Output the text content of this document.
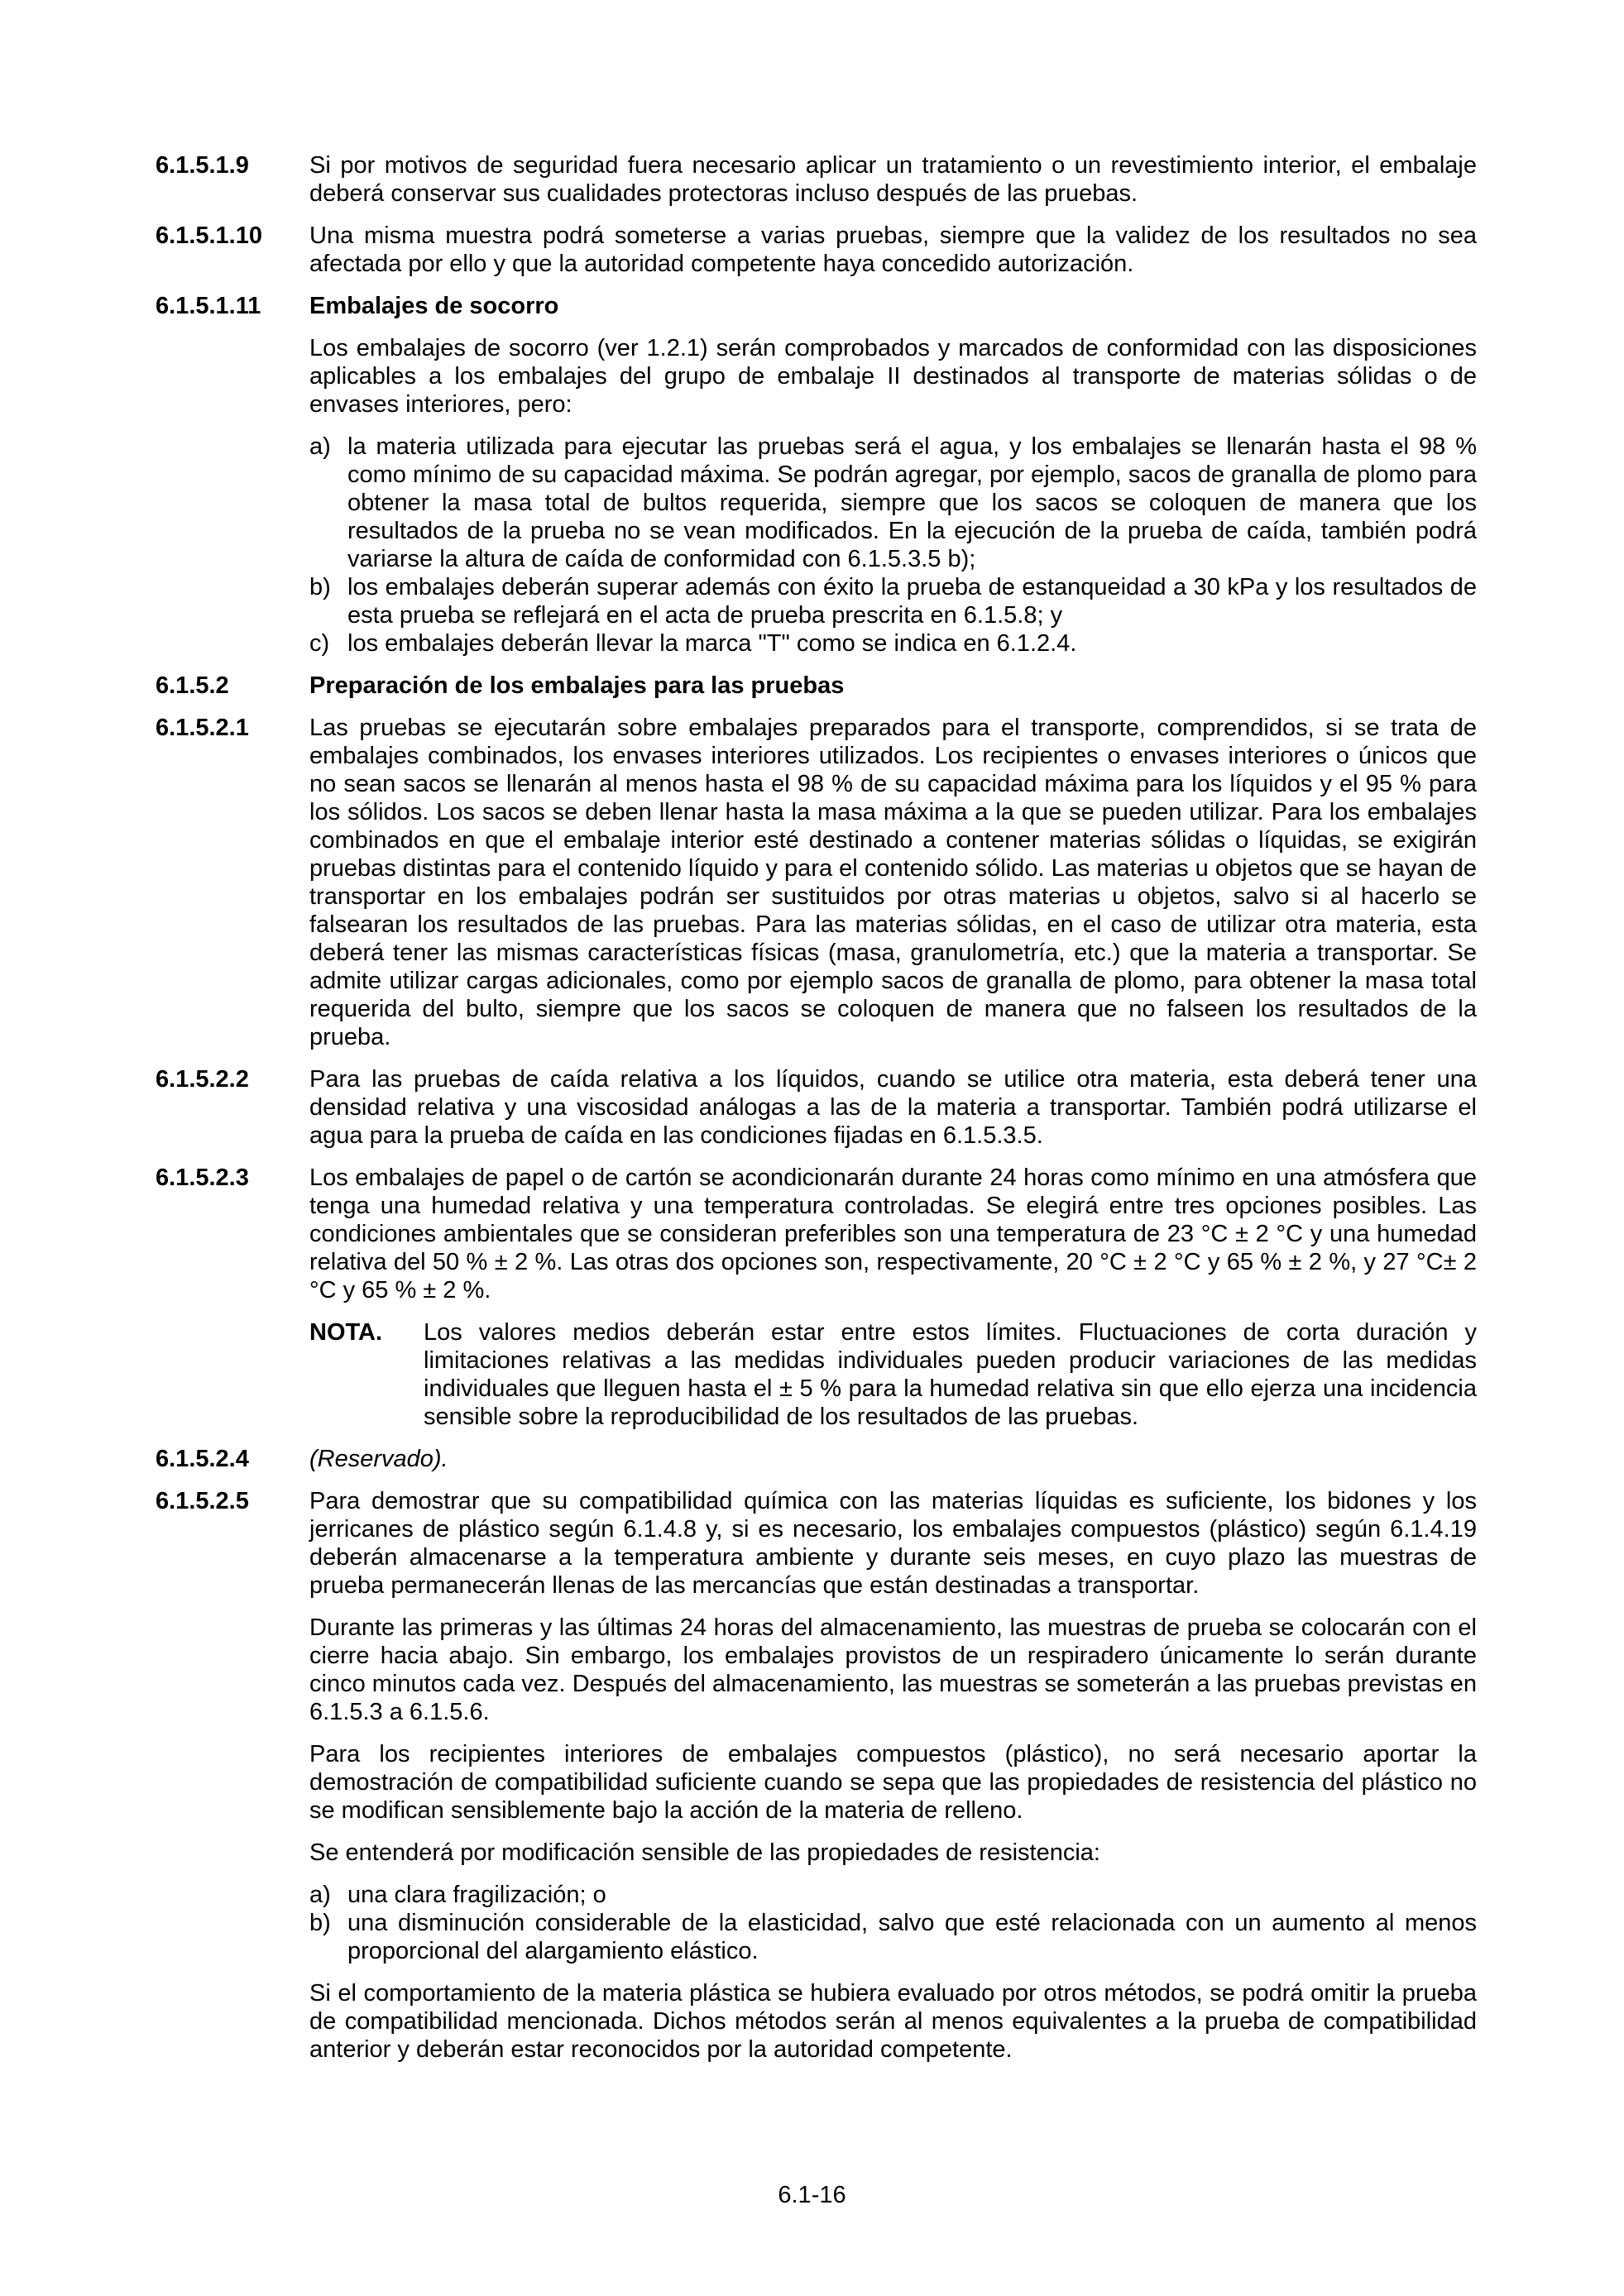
6.1.5.1.9	Si por motivos de seguridad fuera necesario aplicar un tratamiento o un revestimiento interior, el embalaje deberá conservar sus cualidades protectoras incluso después de las pruebas.

6.1.5.1.10	Una misma muestra podrá someterse a varias pruebas, siempre que la validez de los resultados no sea afectada por ello y que la autoridad competente haya concedido autorización.

6.1.5.1.11	Embalajes de socorro

Los embalajes de socorro (ver 1.2.1) serán comprobados y marcados de conformidad con las disposiciones aplicables a los embalajes del grupo de embalaje II destinados al transporte de materias sólidas o de envases interiores, pero:

a) la materia utilizada para ejecutar las pruebas será el agua, y los embalajes se llenarán hasta el 98 % como mínimo de su capacidad máxima. Se podrán agregar, por ejemplo, sacos de granalla de plomo para obtener la masa total de bultos requerida, siempre que los sacos se coloquen de manera que los resultados de la prueba no se vean modificados. En la ejecución de la prueba de caída, también podrá variarse la altura de caída de conformidad con 6.1.5.3.5 b);
b) los embalajes deberán superar además con éxito la prueba de estanqueidad a 30 kPa y los resultados de esta prueba se reflejará en el acta de prueba prescrita en 6.1.5.8; y
c) los embalajes deberán llevar la marca "T" como se indica en 6.1.2.4.
6.1.5.2	Preparación de los embalajes para las pruebas

6.1.5.2.1	Las pruebas se ejecutarán sobre embalajes preparados para el transporte, comprendidos, si se trata de embalajes combinados, los envases interiores utilizados. Los recipientes o envases interiores o únicos que no sean sacos se llenarán al menos hasta el 98 % de su capacidad máxima para los líquidos y el 95 % para los sólidos. Los sacos se deben llenar hasta la masa máxima a la que se pueden utilizar. Para los embalajes combinados en que el embalaje interior esté destinado a contener materias sólidas o líquidas, se exigirán pruebas distintas para el contenido líquido y para el contenido sólido. Las materias u objetos que se hayan de transportar en los embalajes podrán ser sustituidos por otras materias u objetos, salvo si al hacerlo se falsearan los resultados de las pruebas. Para las materias sólidas, en el caso de utilizar otra materia, esta deberá tener las mismas características físicas (masa, granulometría, etc.) que la materia a transportar. Se admite utilizar cargas adicionales, como por ejemplo sacos de granalla de plomo, para obtener la masa total requerida del bulto, siempre que los sacos se coloquen de manera que no falseen los resultados de la prueba.

6.1.5.2.2	Para las pruebas de caída relativa a los líquidos, cuando se utilice otra materia, esta deberá tener una densidad relativa y una viscosidad análogas a las de la materia a transportar. También podrá utilizarse el agua para la prueba de caída en las condiciones fijadas en 6.1.5.3.5.

6.1.5.2.3	Los embalajes de papel o de cartón se acondicionarán durante 24 horas como mínimo en una atmósfera que tenga una humedad relativa y una temperatura controladas. Se elegirá entre tres opciones posibles. Las condiciones ambientales que se consideran preferibles son una temperatura de 23 °C ± 2 °C y una humedad relativa del 50 % ± 2 %. Las otras dos opciones son, respectivamente, 20 °C ± 2 °C y 65 % ± 2 %, y 27 °C± 2 °C y 65 % ± 2 %.

NOTA.	Los valores medios deberán estar entre estos límites. Fluctuaciones de corta duración y limitaciones relativas a las medidas individuales pueden producir variaciones de las medidas individuales que lleguen hasta el ± 5 % para la humedad relativa sin que ello ejerza una incidencia sensible sobre la reproducibilidad de los resultados de las pruebas.
6.1.5.2.4	(Reservado).

6.1.5.2.5	Para demostrar que su compatibilidad química con las materias líquidas es suficiente, los bidones y los jerricanes de plástico según 6.1.4.8 y, si es necesario, los embalajes compuestos (plástico) según 6.1.4.19 deberán almacenarse a la temperatura ambiente y durante seis meses, en cuyo plazo las muestras de prueba permanecerán llenas de las mercancías que están destinadas a transportar.

Durante las primeras y las últimas 24 horas del almacenamiento, las muestras de prueba se colocarán con el cierre hacia abajo. Sin embargo, los embalajes provistos de un respiradero únicamente lo serán durante cinco minutos cada vez. Después del almacenamiento, las muestras se someterán a las pruebas previstas en 6.1.5.3 a 6.1.5.6.

Para los recipientes interiores de embalajes compuestos (plástico), no será necesario aportar la demostración de compatibilidad suficiente cuando se sepa que las propiedades de resistencia del plástico no se modifican sensiblemente bajo la acción de la materia de relleno.

Se entenderá por modificación sensible de las propiedades de resistencia:

a) una clara fragilización; o
b) una disminución considerable de la elasticidad, salvo que esté relacionada con un aumento al menos proporcional del alargamiento elástico.

Si el comportamiento de la materia plástica se hubiera evaluado por otros métodos, se podrá omitir la prueba de compatibilidad mencionada. Dichos métodos serán al menos equivalentes a la prueba de compatibilidad anterior y deberán estar reconocidos por la autoridad competente.

6.1-16
